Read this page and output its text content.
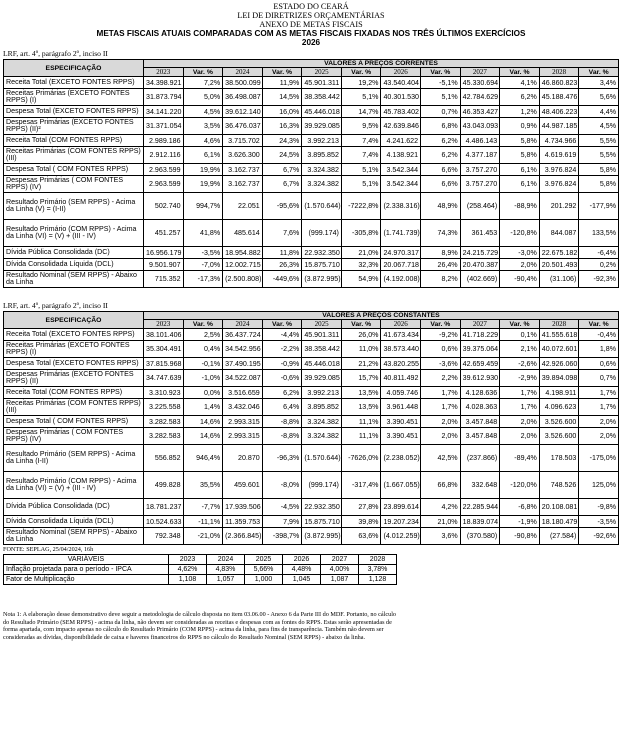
ESTADO DO CEARÁ
LEI DE DIRETRIZES ORÇAMENTÁRIAS
ANEXO DE METAS FISCAIS
METAS FISCAIS ATUAIS COMPARADAS COM AS METAS FISCAIS FIXADAS NOS TRÊS ÚLTIMOS EXERCÍCIOS
2026
LRF, art. 4º, parágrafo 2º, inciso II
ESPECIFICAÇÃO	VALORES A PREÇOS CORRENTES											
	2023	Var. %	2024	Var. %	2025	Var. %	2026	Var. %	2027	Var. %	2028	Var. %
Receita Total (EXCETO FONTES RPPS)	34.398.921	7,2%	38.500.099	11,9%	45.901.311	19,2%	43.540.404	-5,1%	45.330.694	4,1%	46.860.823	3,4%
Receitas Primárias (EXCETO FONTES RPPS) (I)	31.873.794	5,0%	36.498.087	14,5%	38.358.442	5,1%	40.301.530	5,1%	42.784.629	6,2%	45.188.476	5,6%
Despesa Total (EXCETO FONTES RPPS)	34.141.220	4,5%	39.612.140	16,0%	45.446.018	14,7%	45.783.402	0,7%	46.353.427	1,2%	48.406.223	4,4%
Despesas Primárias (EXCETO FONTES RPPS) (II)²	31.371.054	3,5%	36.476.037	16,3%	39.929.085	9,5%	42.639.846	6,8%	43.043.093	0,9%	44.987.185	4,5%
Receita Total (COM FONTES RPPS)	2.989.186	4,6%	3.715.702	24,3%	3.992.213	7,4%	4.241.622	6,2%	4.486.143	5,8%	4.734.966	5,5%
Receitas Primárias (COM FONTES RPPS) (III)	2.912.116	6,1%	3.626.300	24,5%	3.895.852	7,4%	4.138.921	6,2%	4.377.187	5,8%	4.619.619	5,5%
Despesa Total ( COM FONTES RPPS)	2.963.599	19,9%	3.162.737	6,7%	3.324.382	5,1%	3.542.344	6,6%	3.757.270	6,1%	3.976.824	5,8%
Despesas Primárias ( COM FONTES RPPS) (IV)	2.963.599	19,9%	3.162.737	6,7%	3.324.382	5,1%	3.542.344	6,6%	3.757.270	6,1%	3.976.824	5,8%
Resultado Primário (SEM RPPS) - Acima da Linha (V) = (I-II)	502.740	994,7%	22.051	-95,6%	(1.570.644)	-7222,8%	(2.338.316)	48,9%	(258.464)	-88,9%	201.292	-177,9%
Resultado Primário (COM RPPS) - Acima da Linha (VI) = (V) + (III - IV)	451.257	41,8%	485.614	7,6%	(999.174)	-305,8%	(1.741.739)	74,3%	361.453	-120,8%	844.087	133,5%
Dívida Pública Consolidada (DC)	16.956.179	-3,5%	18.954.882	11,8%	22.932.350	21,0%	24.970.317	8,9%	24.215.729	-3,0%	22.675.182	-6,4%
Dívida Consolidada Líquida (DCL)	9.501.907	-7,0%	12.002.715	26,3%	15.875.710	32,3%	20.067.718	26,4%	20.470.387	2,0%	20.501.493	0,2%
Resultado Nominal (SEM RPPS) - Abaixo da Linha	715.352	-17,3%	(2.500.808)	-449,6%	(3.872.995)	54,9%	(4.192.008)	8,2%	(402.669)	-90,4%	(31.106)	-92,3%
LRF, art. 4º, parágrafo 2º, inciso II
ESPECIFICAÇÃO	VALORES A PREÇOS CONSTANTES											
	2023	Var. %	2024	Var. %	2025	Var. %	2026	Var. %	2027	Var. %	2028	Var. %
Receita Total (EXCETO FONTES RPPS)	38.101.406	2,5%	36.437.724	-4,4%	45.901.311	26,0%	41.673.434	-9,2%	41.718.229	0,1%	41.555.618	-0,4%
Receitas Primárias (EXCETO FONTES RPPS) (I)	35.304.491	0,4%	34.542.956	-2,2%	38.358.442	11,0%	38.573.440	0,6%	39.375.064	2,1%	40.072.601	1,8%
Despesa Total (EXCETO FONTES RPPS)	37.815.968	-0,1%	37.490.195	-0,9%	45.446.018	21,2%	43.820.255	-3,6%	42.659.459	-2,6%	42.926.060	0,6%
Despesas Primárias (EXCETO FONTES RPPS) (II)	34.747.639	-1,0%	34.522.087	-0,6%	39.929.085	15,7%	40.811.492	2,2%	39.612.930	-2,9%	39.894.098	0,7%
Receita Total (COM FONTES RPPS)	3.310.923	0,0%	3.516.659	6,2%	3.992.213	13,5%	4.059.746	1,7%	4.128.636	1,7%	4.198.911	1,7%
Receitas Primárias (COM FONTES RPPS) (III)	3.225.558	1,4%	3.432.046	6,4%	3.895.852	13,5%	3.961.448	1,7%	4.028.363	1,7%	4.096.623	1,7%
Despesa Total ( COM FONTES RPPS)	3.282.583	14,6%	2.993.315	-8,8%	3.324.382	11,1%	3.390.451	2,0%	3.457.848	2,0%	3.526.600	2,0%
Despesas Primárias ( COM FONTES RPPS) (IV)	3.282.583	14,6%	2.993.315	-8,8%	3.324.382	11,1%	3.390.451	2,0%	3.457.848	2,0%	3.526.600	2,0%
Resultado Primário (SEM RPPS) - Acima da Linha (I-II)	556.852	946,4%	20.870	-96,3%	(1.570.644)	-7626,0%	(2.238.052)	42,5%	(237.866)	-89,4%	178.503	-175,0%
Resultado Primário (COM RPPS) - Acima da Linha (VI) = (V) + (III - IV)	499.828	35,5%	459.601	-8,0%	(999.174)	-317,4%	(1.667.055)	66,8%	332.648	-120,0%	748.526	125,0%
Dívida Pública Consolidada (DC)	18.781.237	-7,7%	17.939.506	-4,5%	22.932.350	27,8%	23.899.614	4,2%	22.285.944	-6,8%	20.108.081	-9,8%
Dívida Consolidada Líquida (DCL)	10.524.633	-11,1%	11.359.753	7,9%	15.875.710	39,8%	19.207.234	21,0%	18.839.074	-1,9%	18.180.479	-3,5%
Resultado Nominal (SEM RPPS) - Abaixo da Linha	792.348	-21,0%	(2.366.845)	-398,7%	(3.872.995)	63,6%	(4.012.259)	3,6%	(370.580)	-90,8%	(27.584)	-92,6%
FONTE: SEPLAG, 25/04/2024, 16h
VARIÁVEIS	2023	2024	2025	2026	2027	2028
Inflação projetada para o período - IPCA	4,62%	4,83%	5,66%	4,48%	4,00%	3,78%
Fator de Multiplicação	1,108	1,057	1,000	1,045	1,087	1,128
Nota 1: A elaboração desse demonstrativo deve seguir a metodologia de cálculo disposta no item 03.06.00 - Anexo 6 da Parte III do MDF. Portanto, no cálculo do Resultado Primário (SEM RPPS) - acima da linha, não devem ser consideradas as receitas e despesas com as fontes do RPPS. Estas serão apresentadas de forma apartada, com impacto apenas no cálculo do Resultado Primário (COM RPPS) - acima da linha, para fins de transparência. Também não devem ser consideradas as dívidas, disponibilidade de caixa e haveres financeiros do RPPS no cálculo do Resultado Nominal (SEM RPPS) - abaixo da linha.
